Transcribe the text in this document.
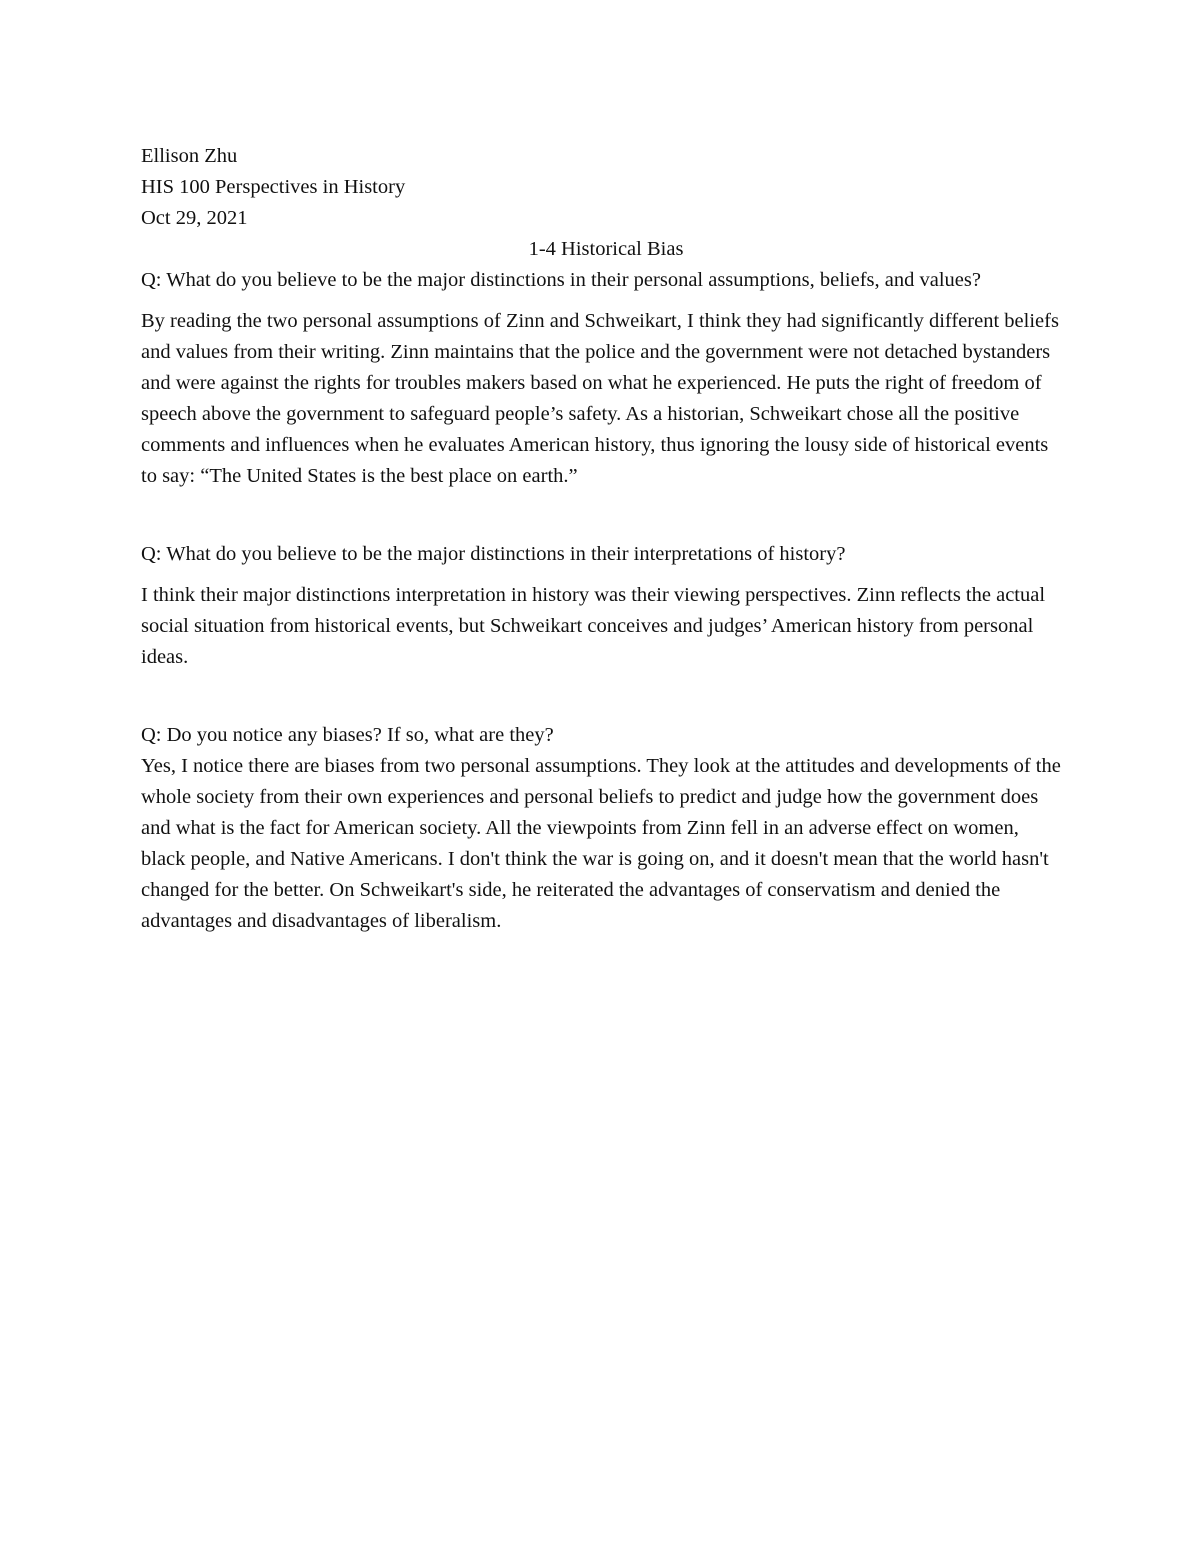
Ellison Zhu

HIS 100 Perspectives in History

Oct 29, 2021

1-4 Historical Bias

Q: What do you believe to be the major distinctions in their personal assumptions, beliefs, and values?

By reading the two personal assumptions of Zinn and Schweikart, I think they had significantly different beliefs and values from their writing. Zinn maintains that the police and the government were not detached bystanders and were against the rights for troubles makers based on what he experienced. He puts the right of freedom of speech above the government to safeguard people’s safety. As a historian, Schweikart chose all the positive comments and influences when he evaluates American history, thus ignoring the lousy side of historical events to say: “The United States is the best place on earth.”

Q: What do you believe to be the major distinctions in their interpretations of history?

I think their major distinctions interpretation in history was their viewing perspectives. Zinn reflects the actual social situation from historical events, but Schweikart conceives and judges’ American history from personal ideas.

Q: Do you notice any biases? If so, what are they?

Yes, I notice there are biases from two personal assumptions. They look at the attitudes and developments of the whole society from their own experiences and personal beliefs to predict and judge how the government does and what is the fact for American society. All the viewpoints from Zinn fell in an adverse effect on women, black people, and Native Americans. I don't think the war is going on, and it doesn't mean that the world hasn't changed for the better. On Schweikart's side, he reiterated the advantages of conservatism and denied the advantages and disadvantages of liberalism.
